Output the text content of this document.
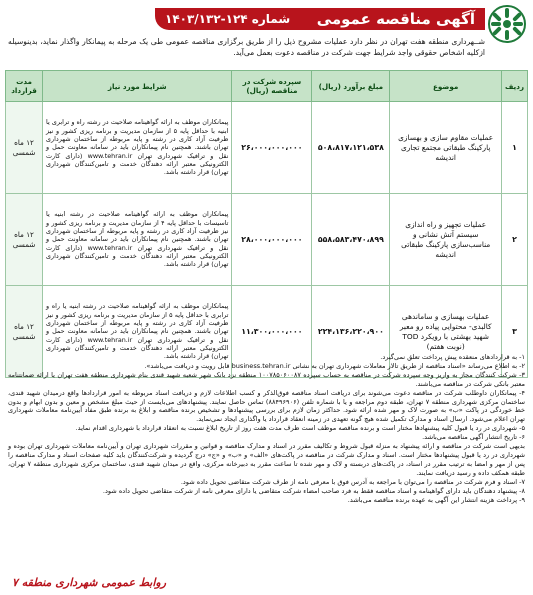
آگهی مناقصه عمومی
شماره ۱۲۴-۱۴۰۳/۱۳۲
شــهرداری منطقه هفت تهران در نظر دارد عملیات مشروح ذیل را از طریق برگزاری مناقصه عمومی طی یک مرحله به پیمانکار واگذار نماید، بدینوسیله ازکلیه اشخاص حقوقی واجد شرایط جهت شرکت در مناقصه دعوت بعمل می‌آید.
ردیف	موضوع	مبلغ برآورد (ریال)	سپرده شرکت در مناقصه (ریال)	شرایط مورد نیاز	مدت قرارداد
۱	عملیات مقاوم سازی و بهسازی پارکینگ طبقاتی مجتمع تجاری اندیشه	۵۰۸،۸۱۷،۱۲۱،۵۳۸	۲۶،۰۰۰،۰۰۰،۰۰۰	پیمانکاران موظف به ارائه گواهینامه صلاحیت در رشته راه و ترابری یا ابنیه با حداقل پایه ۵ از سازمان مدیریت و برنامه ریزی کشور و نیز ظرفیت آزاد کاری در رشته و پایه مربوطه از ساختمان شهرداری تهران باشند. همچنین نام پیمانکاران باید در سامانه معاونت حمل و نقل و ترافیک شهرداری تهران www.tehran.ir (دارای کارت الکترونیکی معتبر ارائه دهندگان خدمت و تامین‌کنندگان شهرداری تهران) قرار داشته باشد.	۱۲ ماه شمسی
۲	عملیات تجهیز و راه اندازی سیستم آتش نشانی و مناسب‌سازی پارکینگ طبقاتی اندیشه	۵۵۸،۵۸۳،۴۷۰،۸۹۹	۲۸،۰۰۰،۰۰۰،۰۰۰	پیمانکاران موظف به ارائه گواهینامه صلاحیت در رشته ابنیه یا تاسیسات با حداقل پایه ۴ از سازمان مدیریت و برنامه ریزی کشور و نیز ظرفیت آزاد کاری در رشته و پایه مربوطه از ساختمان شهرداری تهران باشند. همچنین نام پیمانکاران باید در سامانه معاونت حمل و نقل و ترافیک شهرداری تهران www.tehran.ir (دارای کارت الکترونیکی معتبر ارائه دهندگان خدمت و تامین‌کنندگان شهرداری تهران) قرار داشته باشد.	۱۲ ماه شمسی
۳	عملیات بهسازی و ساماندهی کالبدی- محتوایی پیاده رو معبر شهید بهشتی با رویکرد TOD (نوبت هفتم)	۲۲۴،۱۳۶،۲۲۰،۹۰۰	۱۱،۳۰۰،۰۰۰،۰۰۰	پیمانکاران موظف به ارائه گواهینامه صلاحیت در رشته ابنیه یا راه و ترابری با حداقل پایه ۵ از سازمان مدیریت و برنامه ریزی کشور و نیز ظرفیت آزاد کاری در رشته و پایه مربوطه از ساختمان شهرداری تهران باشند. همچنین نام پیمانکاران باید در سامانه معاونت حمل و نقل و ترافیک شهرداری تهران www.tehran.ir (دارای کارت الکترونیکی معتبر ارائه دهندگان خدمت و تامین‌کنندگان شهرداری تهران) قرار داشته باشد.	۱۲ ماه شمسی

۱- به قراردادهای منعقده پیش پرداخت تعلق نمی‌گیرد.

۲- به اطلاع می‌رساند «اسناد مناقصه از طریق تالار معاملات شهرداری تهران به نشانی business.tehran.ir قابل رویت و دریافت می‌باشد».

۳- شرکت کنندگان مجاز به واریز وجه سپرده شرکت در مناقصه به حساب سپرده ۱۰۰۷۸۵۰۶۰۰۸۷ منطقه نزد بانک شهر شعبه شهید قندی بنام شهرداری منطقه هفت تهران یا ارائه ضمانتنامه معتبر بانکی شرکت در مناقصه می‌باشند.

۴- پیمانکاران داوطلب شرکت در مناقصه دعوت می‌شوند برای دریافت اسناد مناقصه فوق‌الذکر و کسب اطلاعات لازم و دریافت اسناد مربوطه به امور قراردادها واقع درمیدان شهید قندی، ساختمان مرکزی شهرداری منطقه ۷ تهران، طبقه دوم مراجعه و یا با شماره تلفن (۸۸۴۹۶۹۰۶) تماس حاصل نمایند. پیشنهادهای می‌بایست از حیث مبلغ مشخص و معین و بدون ابهام و بدون خط خوردگی در پاکت «ب» به صورت لاک و مهر شده ارائه شود. حداکثر زمان لازم برای بررسی پیشنهادها و تشخیص برنده مناقصه و ابلاغ به برنده طبق مفاد آیین‌نامه معاملات شهرداری تهران اعلام می‌شود. ارسال اسناد و مدارک تکمیل شده هیچ گونه تعهدی در زمینه انعقاد قرارداد یا واگذاری ایجاد نمی‌نماید.

۵- شهرداری در رد یا قبول کلیه پیشنهادها مختار است و برنده مناقصه موظف است ظرف مدت هفت روز از تاریخ ابلاغ نسبت به انعقاد قرارداد با شهرداری اقدام نماید.

۶- تاریخ انتشار آگهی مناقصه می‌باشد.

بدیهی است شرکت در مناقصه و ارائه پیشنهاد به منزله قبول شروط و تکالیف مقرر در اسناد و مدارک مناقصه و قوانین و مقررات شهرداری تهران و آیین‌نامه معاملات شهرداری تهران بوده و شهرداری در رد یا قبول پیشنهادها مختار است. اسناد و مدارک شرکت در مناقصه در پاکت‌های «الف» و «ب» و «ج» درج گردیده و شرکت‌کنندگان باید کلیه صفحات اسناد و مدارک مناقصه را پس از مهر و امضا به ترتیب مقرر در اسناد، در پاکت‌های دربسته و لاک و مهر شده تا ساعت مقرر به دبیرخانه مرکزی، واقع در میدان شهید قندی، ساختمان مرکزی شهرداری منطقه ۷ تهران، طبقه همکف داده و رسید دریافت نمایند.

۷- اسناد و فرم شرکت در مناقصه را می‌توان با مراجعه به آدرس فوق با معرفی نامه از طرف شرکت متقاضی تحویل داده شود.

۸- پیشنهاد دهندگان باید دارای گواهینامه و اسناد مناقصه فقط به فرد صاحب امضاء شرکت متقاضی یا دارای معرفی نامه از شرکت متقاضی تحویل داده شود.

۹- پرداخت هزینه انتشار این آگهی به عهده برنده مناقصه می‌باشد.

روابط عمومی شهرداری منطقه ۷
